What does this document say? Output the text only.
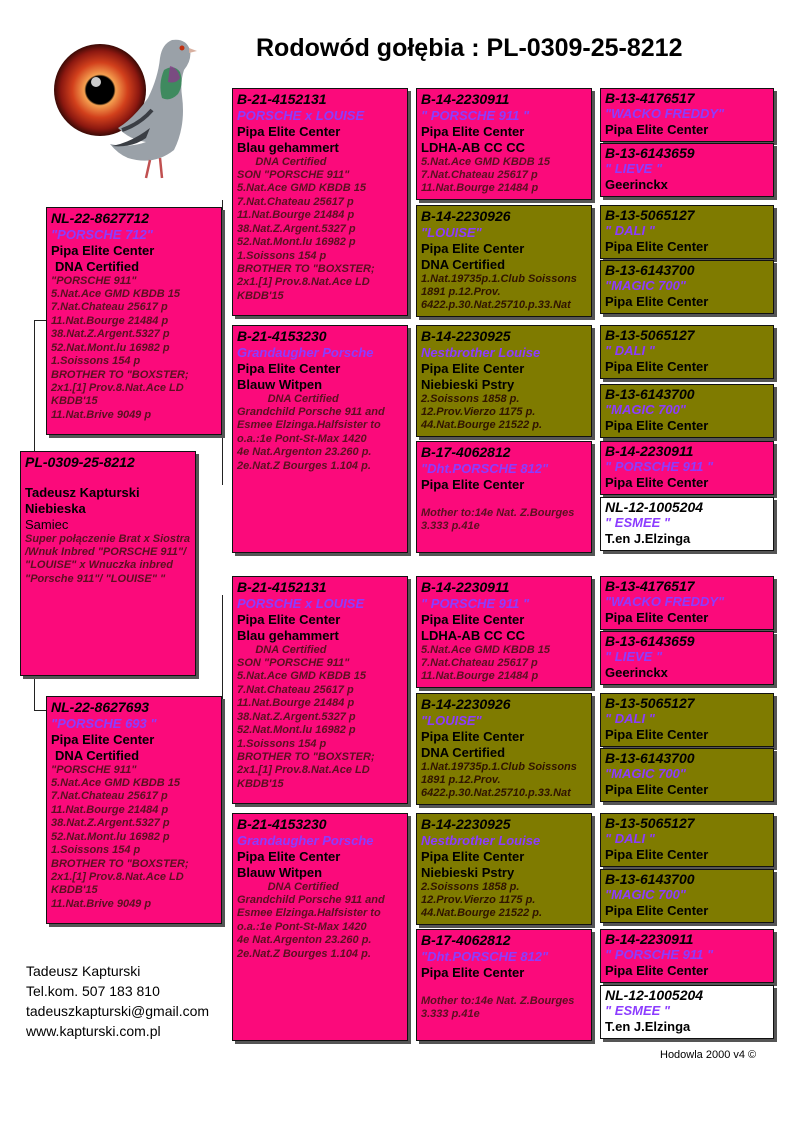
Rodowód gołębia : PL-0309-25-8212
PL-0309-25-8212
Tadeusz Kapturski
Niebieska
Samiec
Super połączenie Brat x Siostra /Wnuk Inbred "PORSCHE 911"/ "LOUISE" x Wnuczka inbred "Porsche 911"/ "LOUISE" "
NL-22-8627712
"PORSCHE 712"
Pipa Elite Center
DNA Certified
"PORSCHE 911"
5.Nat.Ace GMD KBDB 15
7.Nat.Chateau 25617 p
11.Nat.Bourge 21484 p
38.Nat.Z.Argent.5327 p
52.Nat.Mont.lu 16982 p
1.Soissons 154 p
BROTHER TO "BOXSTER;
2x1.[1] Prov.8.Nat.Ace LD KBDB'15
11.Nat.Brive 9049 p
NL-22-8627693
"PORSCHE 693 "
Pipa Elite Center
DNA Certified
"PORSCHE 911"
5.Nat.Ace GMD KBDB 15
7.Nat.Chateau 25617 p
11.Nat.Bourge 21484 p
38.Nat.Z.Argent.5327 p
52.Nat.Mont.lu 16982 p
1.Soissons 154 p
BROTHER TO "BOXSTER;
2x1.[1] Prov.8.Nat.Ace LD KBDB'15
11.Nat.Brive 9049 p
B-21-4152131
PORSCHE x LOUISE
Pipa Elite Center
Blau gehammert
DNA Certified
SON "PORSCHE 911"
5.Nat.Ace GMD KBDB 15
7.Nat.Chateau 25617 p
11.Nat.Bourge 21484 p
38.Nat.Z.Argent.5327 p
52.Nat.Mont.lu 16982 p
1.Soissons 154 p
BROTHER TO "BOXSTER;
2x1.[1] Prov.8.Nat.Ace LD KBDB'15
B-21-4153230
Grandaugher Porsche
Pipa Elite Center
Blauw Witpen
DNA Certified
Grandchild Porsche 911 and Esmee Elzinga.Halfsister to o.a.:1e Pont-St-Max 1420
4e Nat.Argenton 23.260 p.
2e.Nat.Z Bourges 1.104 p.
B-21-4152131
PORSCHE x LOUISE
Pipa Elite Center
Blau gehammert
DNA Certified
SON "PORSCHE 911"
5.Nat.Ace GMD KBDB 15
7.Nat.Chateau 25617 p
11.Nat.Bourge 21484 p
38.Nat.Z.Argent.5327 p
52.Nat.Mont.lu 16982 p
1.Soissons 154 p
BROTHER TO "BOXSTER;
2x1.[1] Prov.8.Nat.Ace LD KBDB'15
B-21-4153230
Grandaugher Porsche
Pipa Elite Center
Blauw Witpen
DNA Certified
Grandchild Porsche 911 and Esmee Elzinga.Halfsister to o.a.:1e Pont-St-Max 1420
4e Nat.Argenton 23.260 p.
2e.Nat.Z Bourges 1.104 p.
B-14-2230911
" PORSCHE 911 "
Pipa Elite Center
LDHA-AB CC CC
5.Nat.Ace GMD KBDB 15
7.Nat.Chateau 25617 p
11.Nat.Bourge 21484 p
B-14-2230926
"LOUISE"
Pipa Elite Center
DNA Certified
1.Nat.19735p.1.Club Soissons 1891 p.12.Prov. 6422.p.30.Nat.25710.p.33.Nat
B-14-2230925
Nestbrother Louise
Pipa Elite Center
Niebieski Pstry
2.Soissons 1858 p.
12.Prov.Vierzo 1175 p.
44.Nat.Bourge 21522 p.
B-17-4062812
"Dht.PORSCHE 812"
Pipa Elite Center
Mother to:14e Nat. Z.Bourges
3.333 p.41e
B-14-2230911
" PORSCHE 911 "
Pipa Elite Center
LDHA-AB CC CC
5.Nat.Ace GMD KBDB 15
7.Nat.Chateau 25617 p
11.Nat.Bourge 21484 p
B-14-2230926
"LOUISE"
Pipa Elite Center
DNA Certified
1.Nat.19735p.1.Club Soissons 1891 p.12.Prov. 6422.p.30.Nat.25710.p.33.Nat
B-14-2230925
Nestbrother Louise
Pipa Elite Center
Niebieski Pstry
2.Soissons 1858 p.
12.Prov.Vierzo 1175 p.
44.Nat.Bourge 21522 p.
B-17-4062812
"Dht.PORSCHE 812"
Pipa Elite Center
Mother to:14e Nat. Z.Bourges
3.333 p.41e
B-13-4176517
"WACKO FREDDY"
Pipa Elite Center
B-13-6143659
" LIEVE "
Geerinckx
B-13-5065127
" DALI "
Pipa Elite Center
B-13-6143700
"MAGIC 700"
Pipa Elite Center
B-13-5065127
" DALI "
Pipa Elite Center
B-13-6143700
"MAGIC 700"
Pipa Elite Center
B-14-2230911
" PORSCHE 911 "
Pipa Elite Center
NL-12-1005204
" ESMEE "
T.en J.Elzinga
B-13-4176517
"WACKO FREDDY"
Pipa Elite Center
B-13-6143659
" LIEVE "
Geerinckx
B-13-5065127
" DALI "
Pipa Elite Center
B-13-6143700
"MAGIC 700"
Pipa Elite Center
B-13-5065127
" DALI "
Pipa Elite Center
B-13-6143700
"MAGIC 700"
Pipa Elite Center
B-14-2230911
" PORSCHE 911 "
Pipa Elite Center
NL-12-1005204
" ESMEE "
T.en J.Elzinga
Tadeusz Kapturski
Tel.kom. 507 183 810
tadeuszkapturski@gmail.com
www.kapturski.com.pl
Hodowla 2000 v4 ©
